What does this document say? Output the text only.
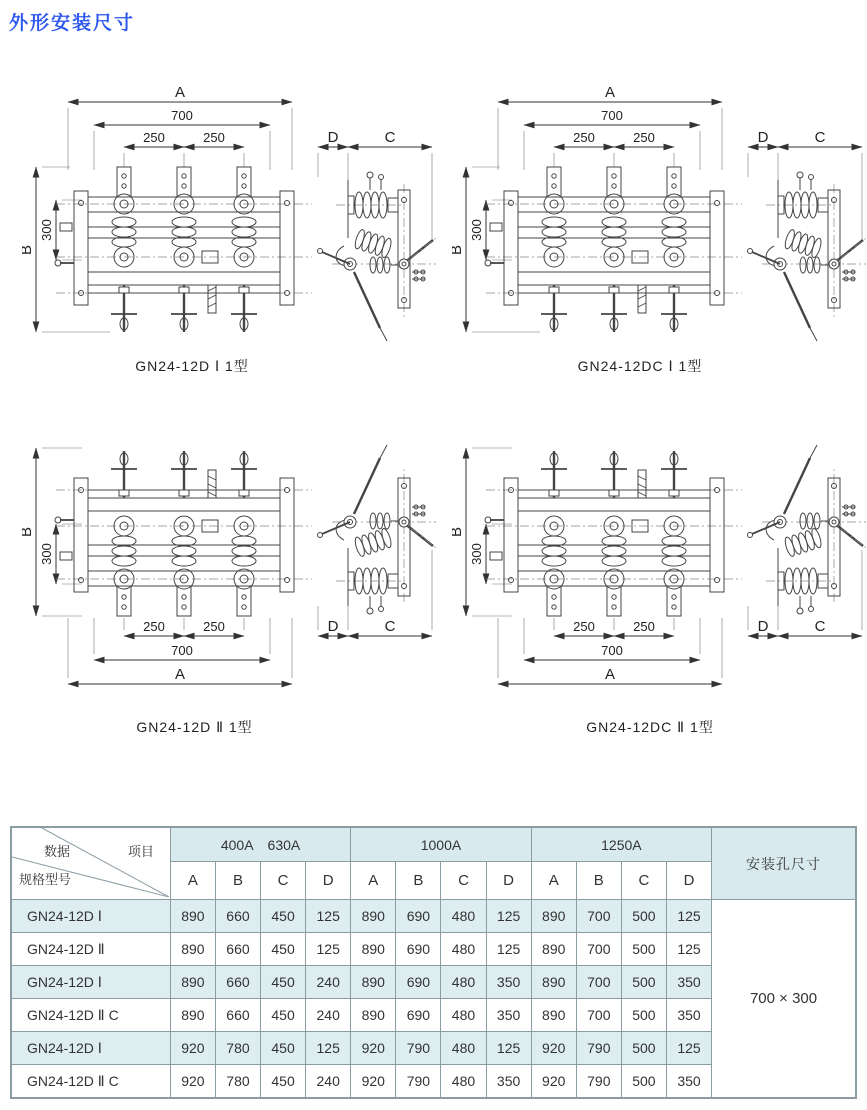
外形安装尺寸
GN24-12D Ⅰ 1型	GN24-12DC Ⅰ 1型
GN24-12D Ⅱ 1型	GN24-12DC Ⅱ 1型
数据 项目
规格型号	400A 630A				1000A				1250A				安装孔尺寸
	A	B	C	D	A	B	C	D	A	B	C	D	
GN24-12D Ⅰ	890	660	450	125	890	690	480	125	890	700	500	125	700 × 300
GN24-12D Ⅱ	890	660	450	125	890	690	480	125	890	700	500	125	
GN24-12D Ⅰ	890	660	450	240	890	690	480	350	890	700	500	350	
GN24-12D Ⅱ C	890	660	450	240	890	690	480	350	890	700	500	350	
GN24-12D Ⅰ	920	780	450	125	920	790	480	125	920	790	500	125	
GN24-12D Ⅱ C	920	780	450	240	920	790	480	350	920	790	500	350	
